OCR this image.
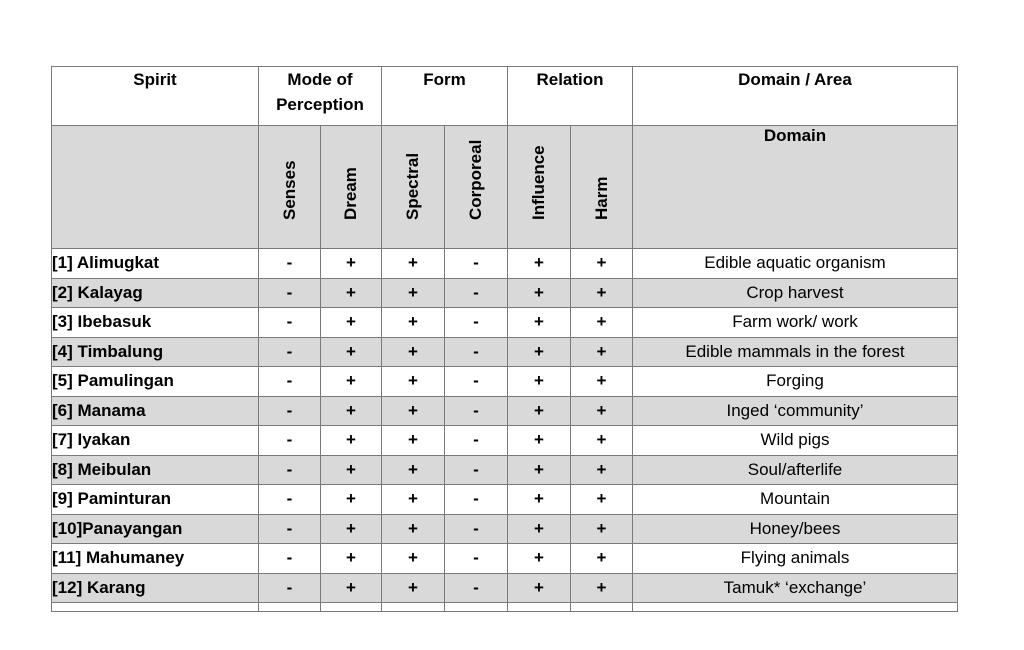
Spirit	Mode of Perception		Form		Relation		Domain / Area

	Senses	Dream	Spectral	Corporeal	Influence	Harm	Domain
[1] Alimugkat	-	+	+	-	+	+	Edible aquatic organism
[2] Kalayag	-	+	+	-	+	+	Crop harvest
[3] Ibebasuk	-	+	+	-	+	+	Farm work/ work
[4] Timbalung	-	+	+	-	+	+	Edible mammals in the forest
[5] Pamulingan	-	+	+	-	+	+	Forging
[6] Manama	-	+	+	-	+	+	Inged ‘community’
[7] Iyakan	-	+	+	-	+	+	Wild pigs
[8] Meibulan	-	+	+	-	+	+	Soul/afterlife
[9] Paminturan	-	+	+	-	+	+	Mountain
[10]Panayangan	-	+	+	-	+	+	Honey/bees
[11] Mahumaney	-	+	+	-	+	+	Flying animals
[12] Karang	-	+	+	-	+	+	Tamuk* ‘exchange’
